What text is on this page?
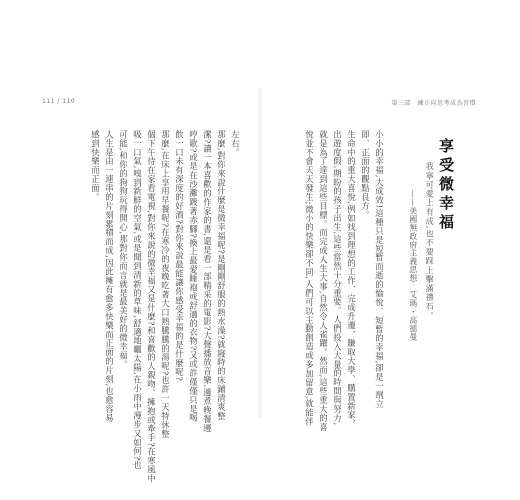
111 / 110	第三部　練正向思考成為習慣
享受微幸福
我寧可愛上有成,也不要踩上擊滿禮石。
——美國無政府主義思想　艾瑪・高德曼
小小的幸福,大成效!這種只是短暫而逝的愉悅、短暫的幸福,卻是一劑立
即、正面的觀點良方。
生命中的重大喜悅,例如找到理想的工作、完成升遷、賺取大學、購置新家、
出遊度假,期盼的孩子出生,這些當然十分重要。人們投入大量的時間與努力,
就是為了達到這些目標。而完成人生大事,自然令人雀躍。然而,這些重大的喜
悅並不會天天發生;微小的快樂卻不同,人們可以主動創造或多加留意,就能伴
左右。
那麼,對你來說什麼是微幸福呢?是剛剛舒服的熱水澡?就寢時的床鋪清爽整
潔?讀一本喜歡的作家的書,還是看一部精采的電影?大聲播放音樂,邊煮晚餐邊
哼歌?或是在沙灘踱著赤腳?換上最愛睡袍或舒適的衣物?又或許僅僅只是喝
飲一口未有深度的好酒?對你來說最能讓你感受幸福的是什麼呢?
那麼,在床上享用早餐呢?在寒冷的夜晚吃著大口熱騰騰的湯呢?也許一天特休整
個下午待在家看電視,對你來說的微幸福又是什麼?和喜歡的人親吻、擁抱或牽手?在寒風中
吸一口氣,嗅到新鮮的空氣,或是聞到清新的草味,舒適地曬太陽,在小雨中漫步又如何?也
可能,和你的狗狗玩得開心,那對你而言就是最美好的微幸福。
人生是由一連串的片刻累積而成,因此擁有愈多快樂而正面的片刻,也愈容易
感到快樂而正面。
